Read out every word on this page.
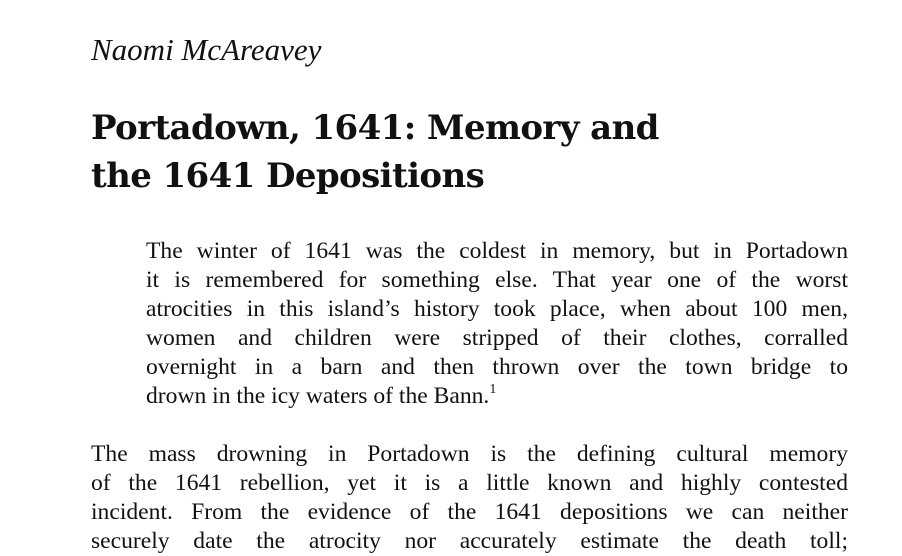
Naomi McAreavey
Portadown, 1641: Memory and
the 1641 Depositions
The winter of 1641 was the coldest in memory, but in Portadown
it is remembered for something else. That year one of the worst
atrocities in this island’s history took place, when about 100 men,
women and children were stripped of their clothes, corralled
overnight in a barn and then thrown over the town bridge to
drown in the icy waters of the Bann.$^1$
The mass drowning in Portadown is the defining cultural memory
of the 1641 rebellion, yet it is a little known and highly contested
incident. From the evidence of the 1641 depositions we can neither
securely date the atrocity nor accurately estimate the death toll;
